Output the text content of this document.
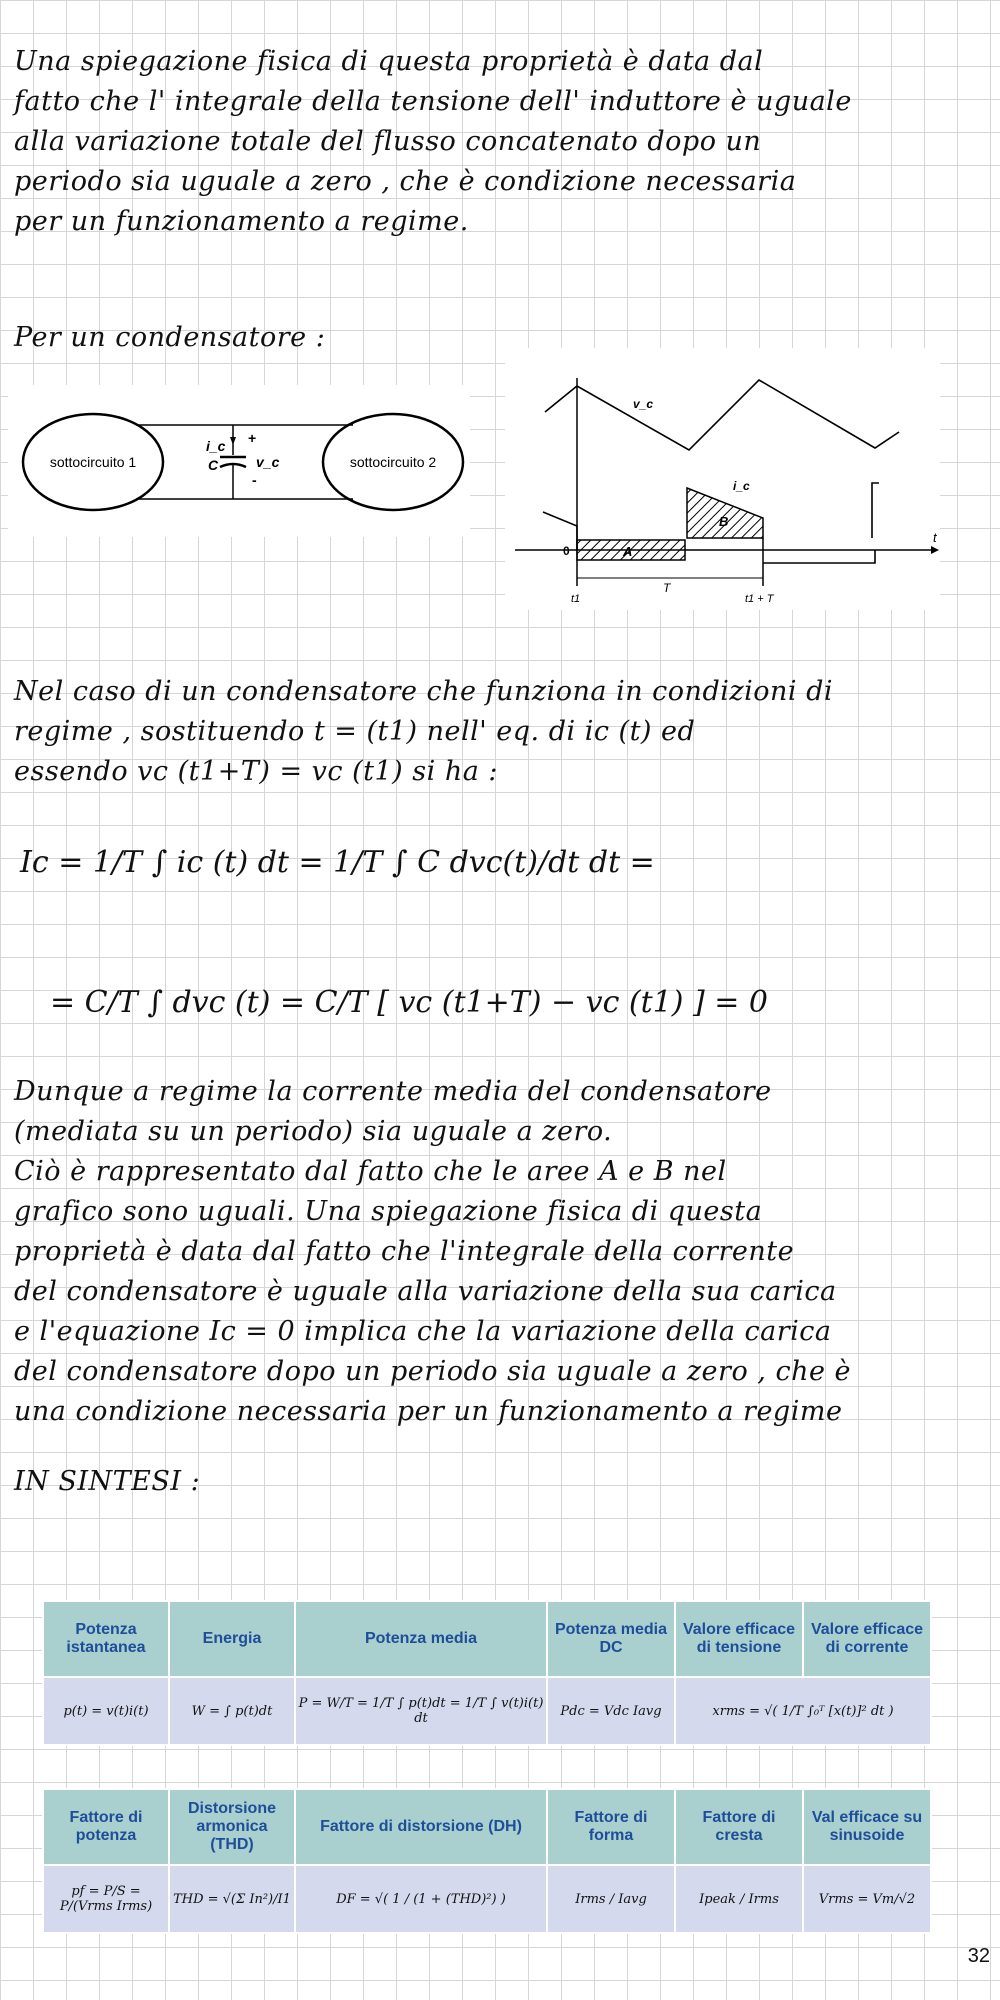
Una spiegazione fisica di questa proprietà è data dal

fatto che l' integrale della tensione dell' induttore è uguale

alla variazione totale del flusso concatenato dopo un

periodo sia uguale a zero , che è condizione necessaria

per un funzionamento a regime.

Per un condensatore :

sottocircuito 1	sottocircuito 2
i_c
C
+
-
v_c
v_c
i_c
A
B
0
t
t1
T
t1 + T

Nel caso di un condensatore che funziona in condizioni di

regime , sostituendo t = (t1) nell' eq. di ic (t) ed

essendo vc (t1+T) = vc (t1) si ha :

Ic = 1/T ∫ ic (t) dt = 1/T ∫ C dvc(t)/dt dt =
= C/T ∫ dvc (t) = C/T [ vc (t1+T) − vc (t1) ] = 0

Dunque a regime la corrente media del condensatore

(mediata su un periodo) sia uguale a zero.

Ciò è rappresentato dal fatto che le aree A e B nel

grafico sono uguali. Una spiegazione fisica di questa

proprietà è data dal fatto che l'integrale della corrente

del condensatore è uguale alla variazione della sua carica

e l'equazione Ic = 0 implica che la variazione della carica

del condensatore dopo un periodo sia uguale a zero , che è

una condizione necessaria per un funzionamento a regime

IN SINTESI :

Potenza istantanea	Energia	Potenza media	Potenza media DC	Valore efficace di tensione	Valore efficace di corrente
p(t) = v(t)i(t)	W = ∫ p(t)dt	P = W/T = 1/T ∫ p(t)dt = 1/T ∫ v(t)i(t) dt	Pdc = Vdc Iavg	xrms = √( 1/T ∫₀ᵀ [x(t)]² dt )	
Fattore di potenza	Distorsione armonica (THD)	Fattore di distorsione (DH)	Fattore di forma	Fattore di cresta	Val efficace su sinusoide
pf = P/S = P/(Vrms Irms)	THD = √(Σ In²)/I1	DF = √( 1 / (1 + (THD)²) )	Irms / Iavg	Ipeak / Irms	Vrms = Vm/√2
32
